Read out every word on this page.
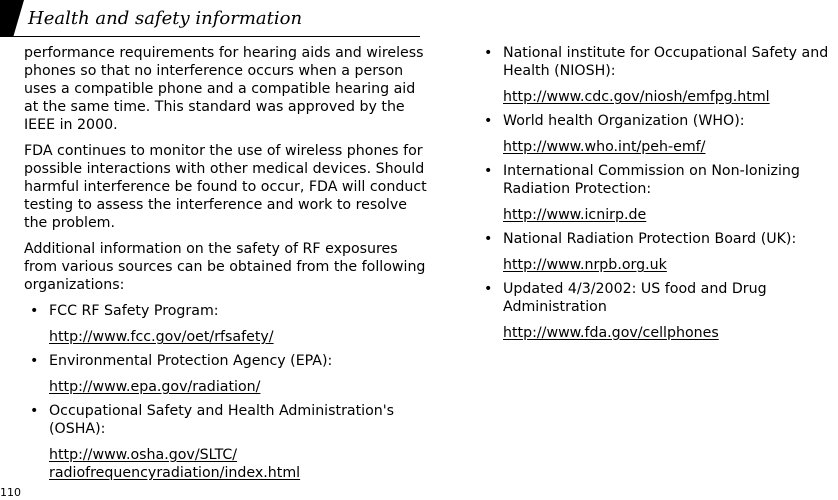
Health and safety information

performance requirements for hearing aids and wireless phones so that no interference occurs when a person uses a compatible phone and a compatible hearing aid at the same time. This standard was approved by the IEEE in 2000.

FDA continues to monitor the use of wireless phones for possible interactions with other medical devices. Should harmful interference be found to occur, FDA will conduct testing to assess the interference and work to resolve the problem.

Additional information on the safety of RF exposures from various sources can be obtained from the following organizations:

• FCC RF Safety Program:
http://www.fcc.gov/oet/rfsafety/
• Environmental Protection Agency (EPA):
http://www.epa.gov/radiation/
• Occupational Safety and Health Administration's (OSHA):
http://www.osha.gov/SLTC/ radiofrequencyradiation/index.html
• National institute for Occupational Safety and Health (NIOSH):
http://www.cdc.gov/niosh/emfpg.html
• World health Organization (WHO):
http://www.who.int/peh-emf/
• International Commission on Non-Ionizing Radiation Protection:
http://www.icnirp.de
• National Radiation Protection Board (UK):
http://www.nrpb.org.uk
• Updated 4/3/2002: US food and Drug Administration
http://www.fda.gov/cellphones
110
